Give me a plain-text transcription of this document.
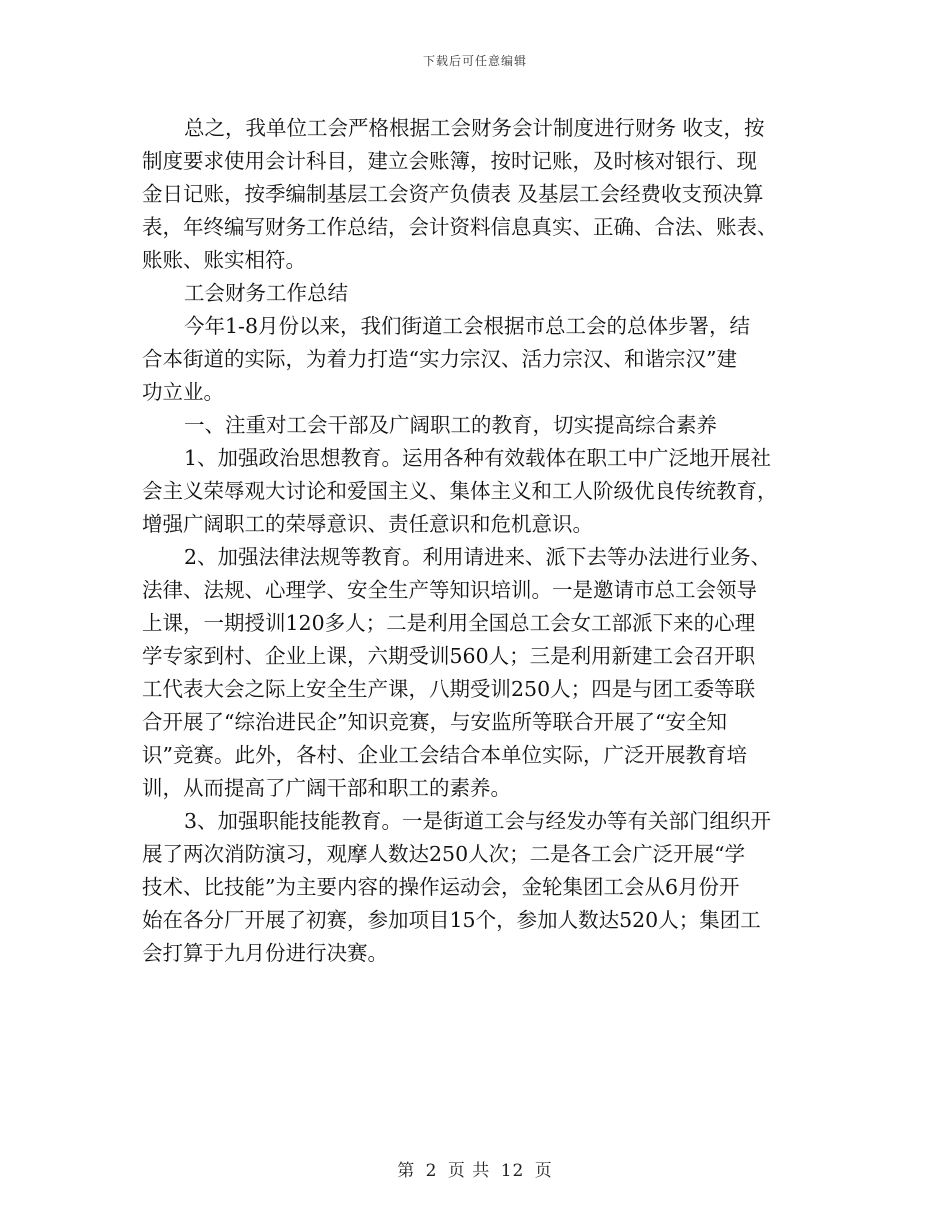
下载后可任意编辑
总之，我单位工会严格根据工会财务会计制度进行财务 收支，按
制度要求使用会计科目，建立会账簿，按时记账，及时核对银行、现
金日记账，按季编制基层工会资产负债表 及基层工会经费收支预决算
表，年终编写财务工作总结，会计资料信息真实、正确、合法、账表、
账账、账实相符。
工会财务工作总结
今年1-8月份以来，我们街道工会根据市总工会的总体步署，结
合本街道的实际，为着力打造“实力宗汉、活力宗汉、和谐宗汉”建
功立业。
一、注重对工会干部及广阔职工的教育，切实提高综合素养
1、加强政治思想教育。运用各种有效载体在职工中广泛地开展社
会主义荣辱观大讨论和爱国主义、集体主义和工人阶级优良传统教育，
增强广阔职工的荣辱意识、责任意识和危机意识。
2、加强法律法规等教育。利用请进来、派下去等办法进行业务、
法律、法规、心理学、安全生产等知识培训。一是邀请市总工会领导
上课，一期授训120多人；二是利用全国总工会女工部派下来的心理
学专家到村、企业上课，六期受训560人；三是利用新建工会召开职
工代表大会之际上安全生产课，八期受训250人；四是与团工委等联
合开展了“综治进民企”知识竞赛，与安监所等联合开展了“安全知
识”竞赛。此外，各村、企业工会结合本单位实际，广泛开展教育培
训，从而提高了广阔干部和职工的素养。
3、加强职能技能教育。一是街道工会与经发办等有关部门组织开
展了两次消防演习，观摩人数达250人次；二是各工会广泛开展“学
技术、比技能”为主要内容的操作运动会，金轮集团工会从6月份开
始在各分厂开展了初赛，参加项目15个，参加人数达520人；集团工
会打算于九月份进行决赛。
第 2 页 共 12 页
